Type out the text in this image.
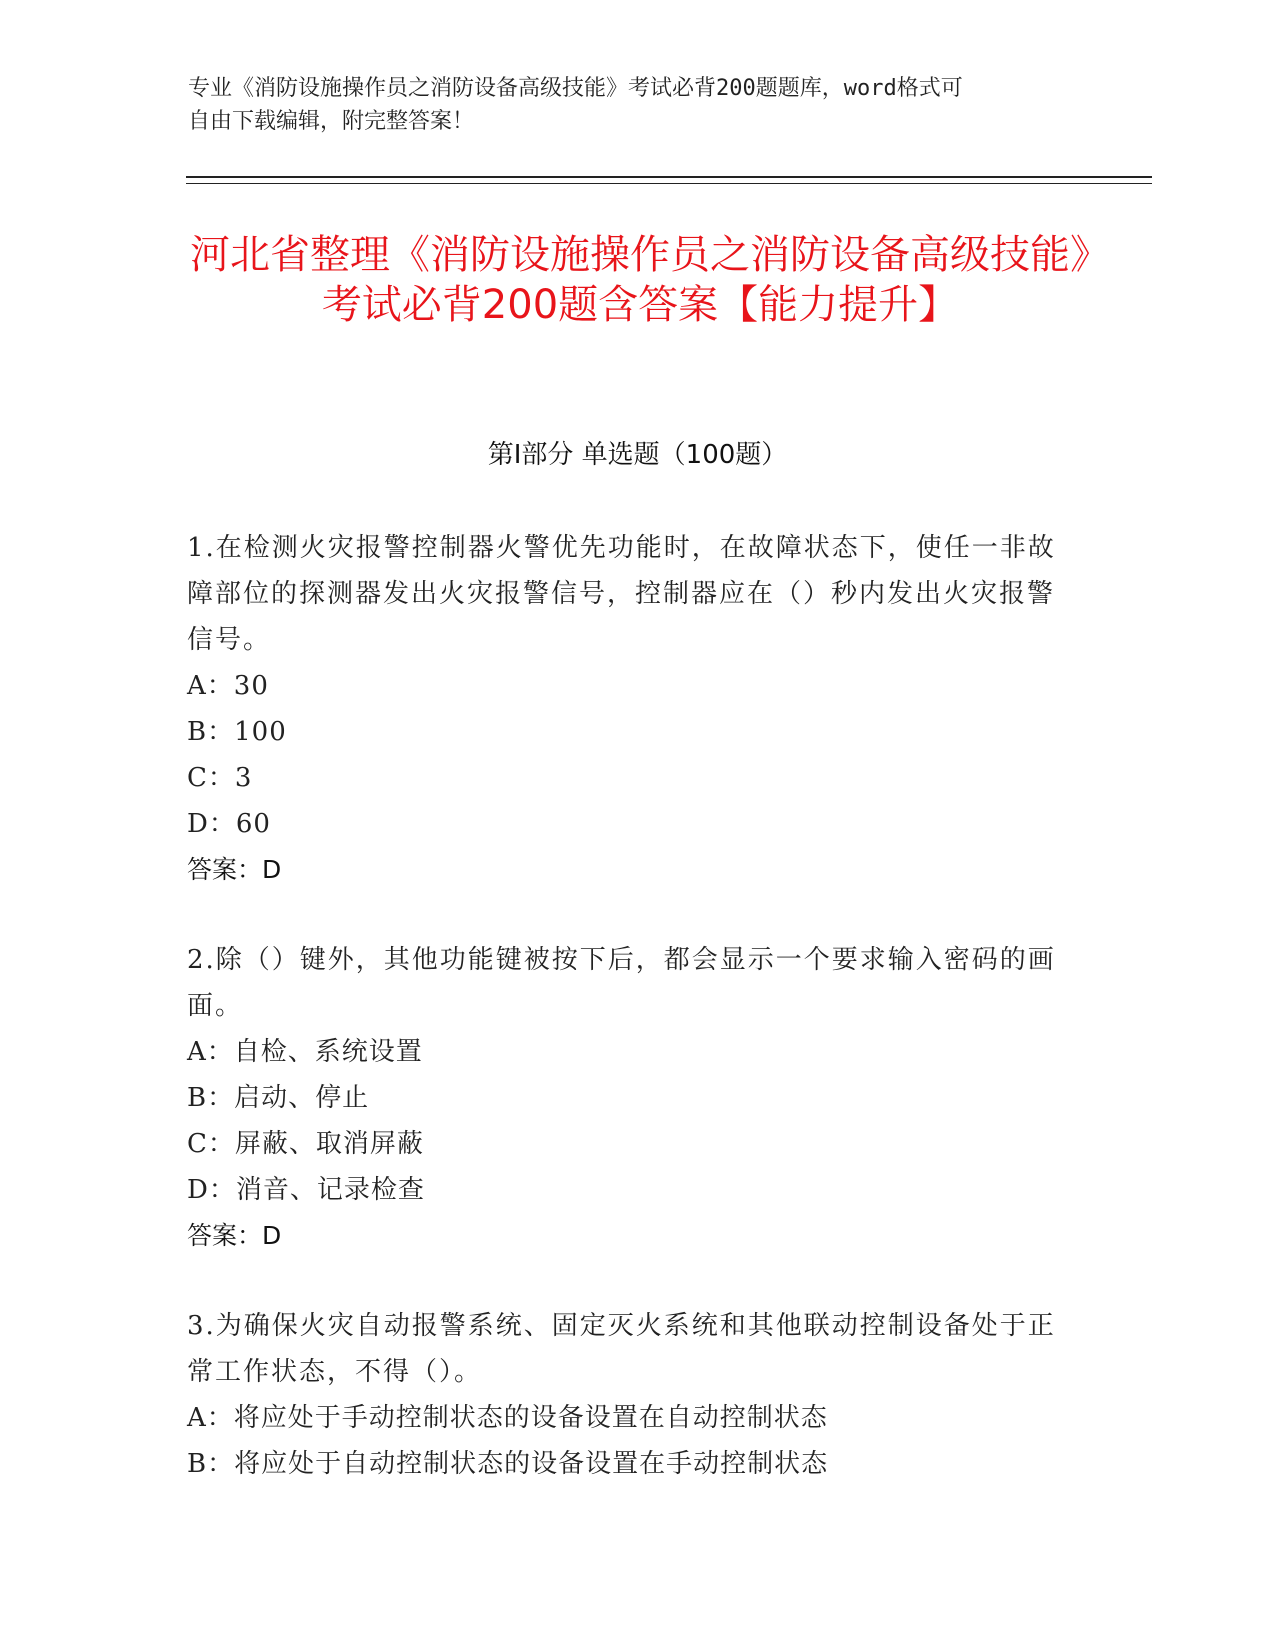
专业《消防设施操作员之消防设备高级技能》考试必背200题题库，word格式可
自由下载编辑，附完整答案！
河北省整理《消防设施操作员之消防设备高级技能》考试必背200题含答案【能力提升】
第I部分 单选题（100题）

1.在检测火灾报警控制器火警优先功能时，在故障状态下，使任一非故障部位的探测器发出火灾报警信号，控制器应在（）秒内发出火灾报警信号。

A：30

B：100

C：3

D：60

答案：D

2.除（）键外，其他功能键被按下后，都会显示一个要求输入密码的画面。

A：自检、系统设置

B：启动、停止

C：屏蔽、取消屏蔽

D：消音、记录检查

答案：D

3.为确保火灾自动报警系统、固定灭火系统和其他联动控制设备处于正常工作状态，不得（）。

A：将应处于手动控制状态的设备设置在自动控制状态

B：将应处于自动控制状态的设备设置在手动控制状态
